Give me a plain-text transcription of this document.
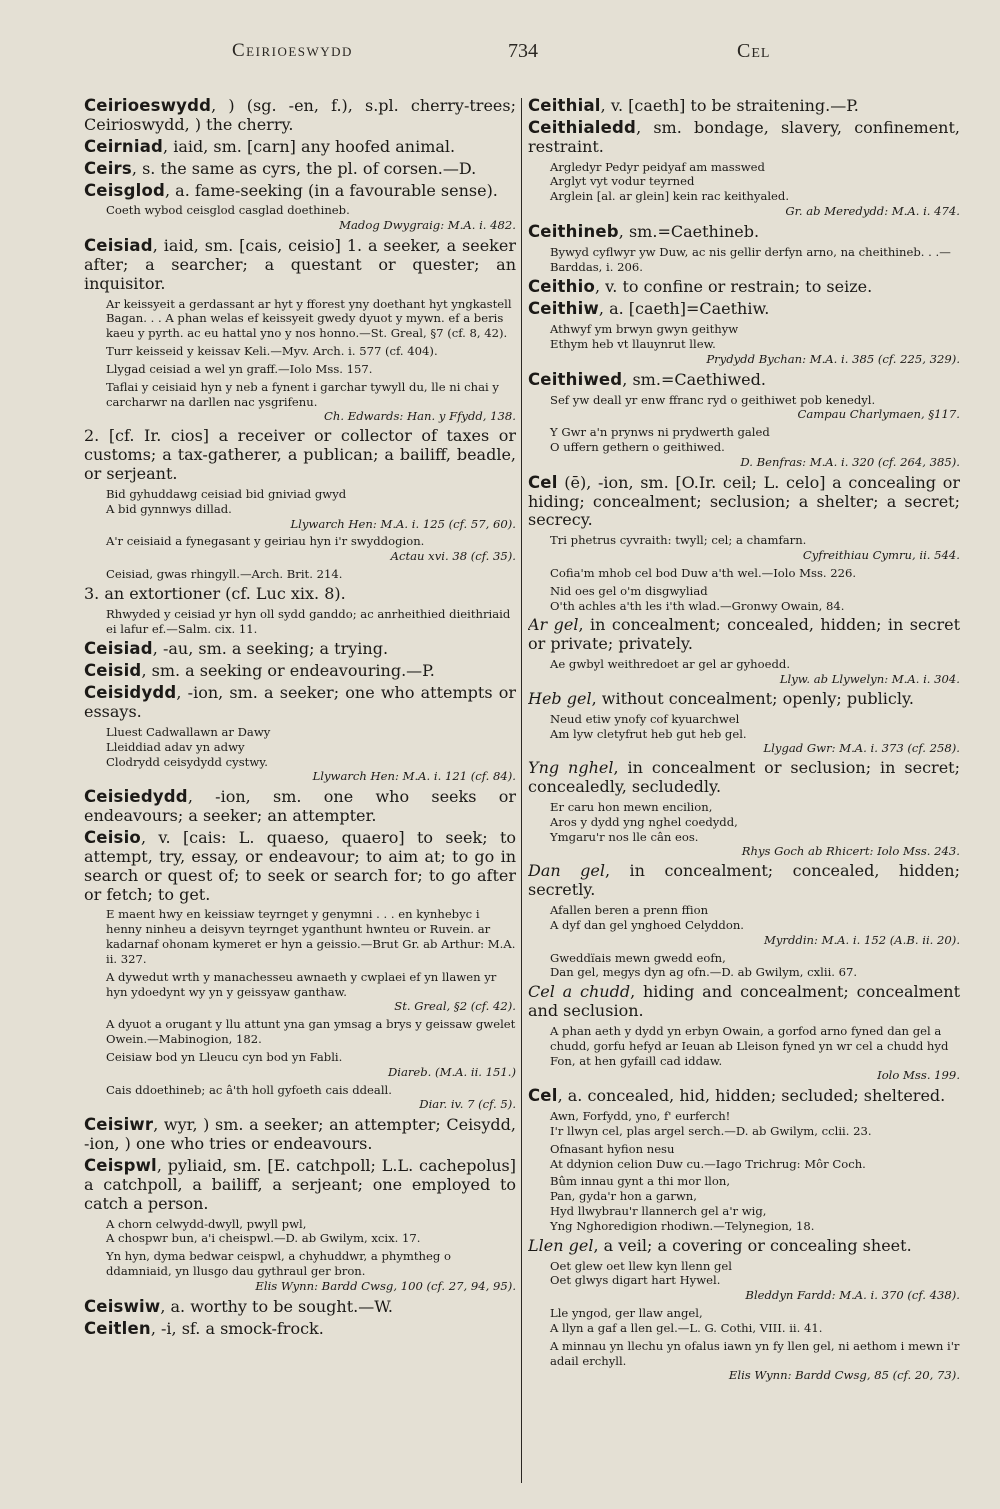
Ceirioeswydd	734	Cel
Ceirioeswydd, ) (sg. -en, f.), s.pl. cherry-trees; Ceirioswydd, ) the cherry.
Ceirniad, iaid, sm. [carn] any hoofed animal.
Ceirs, s. the same as cyrs, the pl. of corsen.—D.
Ceisglod, a. fame-seeking (in a favourable sense).
Coeth wybod ceisglod casglad doethineb.
Madog Dwygraig: M.A. i. 482.
Ceisiad, iaid, sm. [cais, ceisio] 1. a seeker, a seeker after; a searcher; a questant or quester; an inquisitor.
Ar keissyeit a gerdassant ar hyt y fforest yny doethant hyt yngkastell Bagan. . . A phan welas ef keissyeit gwedy dyuot y mywn. ef a beris kaeu y pyrth. ac eu hattal yno y nos honno.—St. Greal, §7 (cf. 8, 42).
Turr keisseid y keissav Keli.—Myv. Arch. i. 577 (cf. 404).
Llygad ceisiad a wel yn graff.—Iolo Mss. 157.
Taflai y ceisiaid hyn y neb a fynent i garchar tywyll du, lle ni chai y carcharwr na darllen nac ysgrifenu.
Ch. Edwards: Han. y Ffydd, 138.
2. [cf. Ir. cios] a receiver or collector of taxes or customs; a tax-gatherer, a publican; a bailiff, beadle, or serjeant.
Bid gyhuddawg ceisiad bid gniviad gwyd
A bid gynnwys dillad.
Llywarch Hen: M.A. i. 125 (cf. 57, 60).
A'r ceisiaid a fynegasant y geiriau hyn i'r swyddogion.
Actau xvi. 38 (cf. 35).
Ceisiad, gwas rhingyll.—Arch. Brit. 214.
3. an extortioner (cf. Luc xix. 8).
Rhwyded y ceisiad yr hyn oll sydd ganddo; ac anrheithied dieithriaid ei lafur ef.—Salm. cix. 11.
Ceisiad, -au, sm. a seeking; a trying.
Ceisid, sm. a seeking or endeavouring.—P.
Ceisidydd, -ion, sm. a seeker; one who attempts or essays.
Lluest Cadwallawn ar Dawy
Lleiddiad adav yn adwy
Clodrydd ceisydydd cystwy.
Llywarch Hen: M.A. i. 121 (cf. 84).
Ceisiedydd, -ion, sm. one who seeks or endeavours; a seeker; an attempter.
Ceisio, v. [cais: L. quaeso, quaero] to seek; to attempt, try, essay, or endeavour; to aim at; to go in search or quest of; to seek or search for; to go after or fetch; to get.
E maent hwy en keissiaw teyrnget y genymni . . . en kynhebyc i henny ninheu a deisyvn teyrnget yganthunt hwnteu or Ruvein. ar kadarnaf ohonam kymeret er hyn a geissio.—Brut Gr. ab Arthur: M.A. ii. 327.
A dywedut wrth y manachesseu awnaeth y cwplaei ef yn llawen yr hyn ydoedynt wy yn y geissyaw ganthaw.
St. Greal, §2 (cf. 42).
A dyuot a orugant y llu attunt yna gan ymsag a brys y geissaw gwelet Owein.—Mabinogion, 182.
Ceisiaw bod yn Lleucu cyn bod yn Fabli.
Diareb. (M.A. ii. 151.)
Cais ddoethineb; ac â'th holl gyfoeth cais ddeall.
Diar. iv. 7 (cf. 5).
Ceisiwr, wyr, ) sm. a seeker; an attempter; Ceisydd, -ion, ) one who tries or endeavours.
Ceispwl, pyliaid, sm. [E. catchpoll; L.L. cachepolus] a catchpoll, a bailiff, a serjeant; one employed to catch a person.
A chorn celwydd-dwyll, pwyll pwl,
A chospwr bun, a'i cheispwl.—D. ab Gwilym, xcix. 17.
Yn hyn, dyma bedwar ceispwl, a chyhuddwr, a phymtheg o ddamniaid, yn llusgo dau gythraul ger bron.
Elis Wynn: Bardd Cwsg, 100 (cf. 27, 94, 95).
Ceiswiw, a. worthy to be sought.—W.
Ceitlen, -i, sf. a smock-frock.
Ceithial, v. [caeth] to be straitening.—P.
Ceithialedd, sm. bondage, slavery, confinement, restraint.
Argledyr Pedyr peidyaf am masswed
Arglyt vyt vodur teyrned
Arglein [al. ar glein] kein rac keithyaled.
Gr. ab Meredydd: M.A. i. 474.
Ceithineb, sm.=Caethineb.
Bywyd cyflwyr yw Duw, ac nis gellir derfyn arno, na cheithineb. . .—Barddas, i. 206.
Ceithio, v. to confine or restrain; to seize.
Ceithiw, a. [caeth]=Caethiw.
Athwyf ym brwyn gwyn geithyw
Ethym heb vt llauynrut llew.
Prydydd Bychan: M.A. i. 385 (cf. 225, 329).
Ceithiwed, sm.=Caethiwed.
Sef yw deall yr enw ffranc ryd o geithiwet pob kenedyl.
Campau Charlymaen, §117.
Y Gwr a'n prynws ni prydwerth galed
O uffern gethern o geithiwed.
D. Benfras: M.A. i. 320 (cf. 264, 385).
Cel (ē), -ion, sm. [O.Ir. ceil; L. celo] a concealing or hiding; concealment; seclusion; a shelter; a secret; secrecy.
Tri phetrus cyvraith: twyll; cel; a chamfarn.
Cyfreithiau Cymru, ii. 544.
Cofia'm mhob cel bod Duw a'th wel.—Iolo Mss. 226.
Nid oes gel o'm disgwyliad
O'th achles a'th les i'th wlad.—Gronwy Owain, 84.
Ar gel, in concealment; concealed, hidden; in secret or private; privately.
Ae gwbyl weithredoet ar gel ar gyhoedd.
Llyw. ab Llywelyn: M.A. i. 304.
Heb gel, without concealment; openly; publicly.
Neud etiw ynofy cof kyuarchwel
Am lyw cletyfrut heb gut heb gel.
Llygad Gwr: M.A. i. 373 (cf. 258).
Yng nghel, in concealment or seclusion; in secret; concealedly, secludedly.
Er caru hon mewn encilion,
Aros y dydd yng nghel coedydd,
Ymgaru'r nos lle cân eos.
Rhys Goch ab Rhicert: Iolo Mss. 243.
Dan gel, in concealment; concealed, hidden; secretly.
Afallen beren a prenn ffion
A dyf dan gel ynghoed Celyddon.
Myrddin: M.A. i. 152 (A.B. ii. 20).
Gweddïais mewn gwedd eofn,
Dan gel, megys dyn ag ofn.—D. ab Gwilym, cxlii. 67.
Cel a chudd, hiding and concealment; concealment and seclusion.
A phan aeth y dydd yn erbyn Owain, a gorfod arno fyned dan gel a chudd, gorfu hefyd ar Ieuan ab Lleison fyned yn wr cel a chudd hyd Fon, at hen gyfaill cad iddaw.
Iolo Mss. 199.
Cel, a. concealed, hid, hidden; secluded; sheltered.
Awn, Forfydd, yno, f' eurferch!
I'r llwyn cel, plas argel serch.—D. ab Gwilym, cclii. 23.
Ofnasant hyfion nesu
At ddynion celion Duw cu.—Iago Trichrug: Môr Coch.
Bûm innau gynt a thi mor llon,
Pan, gyda'r hon a garwn,
Hyd llwybrau'r llannerch gel a'r wig,
Yng Nghoredigion rhodiwn.—Telynegion, 18.
Llen gel, a veil; a covering or concealing sheet.
Oet glew oet llew kyn llenn gel
Oet glwys digart hart Hywel.
Bleddyn Fardd: M.A. i. 370 (cf. 438).
Lle yngod, ger llaw angel,
A llyn a gaf a llen gel.—L. G. Cothi, VIII. ii. 41.
A minnau yn llechu yn ofalus iawn yn fy llen gel, ni aethom i mewn i'r adail erchyll.
Elis Wynn: Bardd Cwsg, 85 (cf. 20, 73).
